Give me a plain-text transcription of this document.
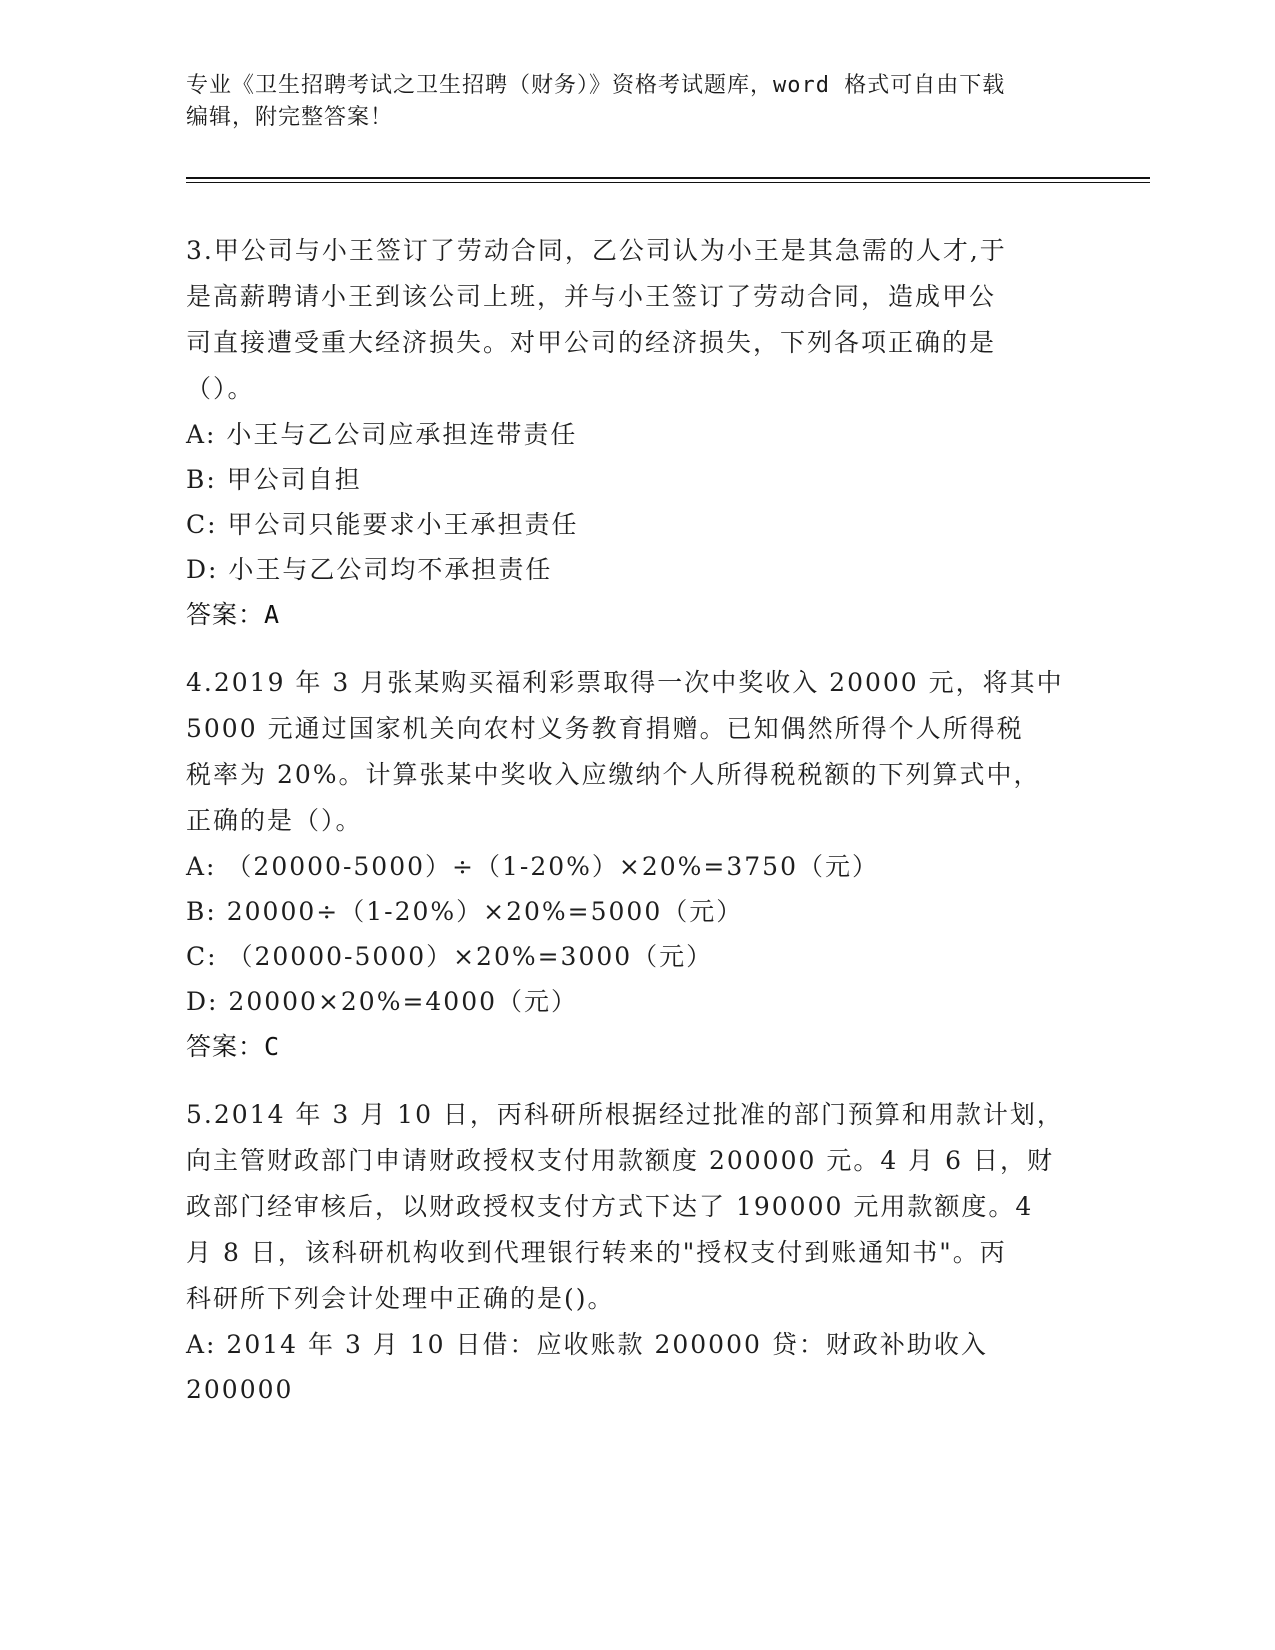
专业《卫生招聘考试之卫生招聘（财务）》资格考试题库，word 格式可自由下载
编辑，附完整答案！
3.甲公司与小王签订了劳动合同，乙公司认为小王是其急需的人才,于
是高薪聘请小王到该公司上班，并与小王签订了劳动合同，造成甲公
司直接遭受重大经济损失。对甲公司的经济损失，下列各项正确的是
（）。
A: 小王与乙公司应承担连带责任
B: 甲公司自担
C: 甲公司只能要求小王承担责任
D: 小王与乙公司均不承担责任
答案：A
4.2019 年 3 月张某购买福利彩票取得一次中奖收入 20000 元，将其中
5000 元通过国家机关向农村义务教育捐赠。已知偶然所得个人所得税
税率为 20%。计算张某中奖收入应缴纳个人所得税税额的下列算式中，
正确的是（）。
A: （20000-5000）÷（1-20%）×20%=3750（元）
B: 20000÷（1-20%）×20%=5000（元）
C: （20000-5000）×20%=3000（元）
D: 20000×20%=4000（元）
答案：C
5.2014 年 3 月 10 日，丙科研所根据经过批准的部门预算和用款计划，
向主管财政部门申请财政授权支付用款额度 200000 元。4 月 6 日，财
政部门经审核后，以财政授权支付方式下达了 190000 元用款额度。4
月 8 日，该科研机构收到代理银行转来的"授权支付到账通知书"。丙
科研所下列会计处理中正确的是()。
A: 2014 年 3 月 10 日借：应收账款 200000 贷：财政补助收入 200000
